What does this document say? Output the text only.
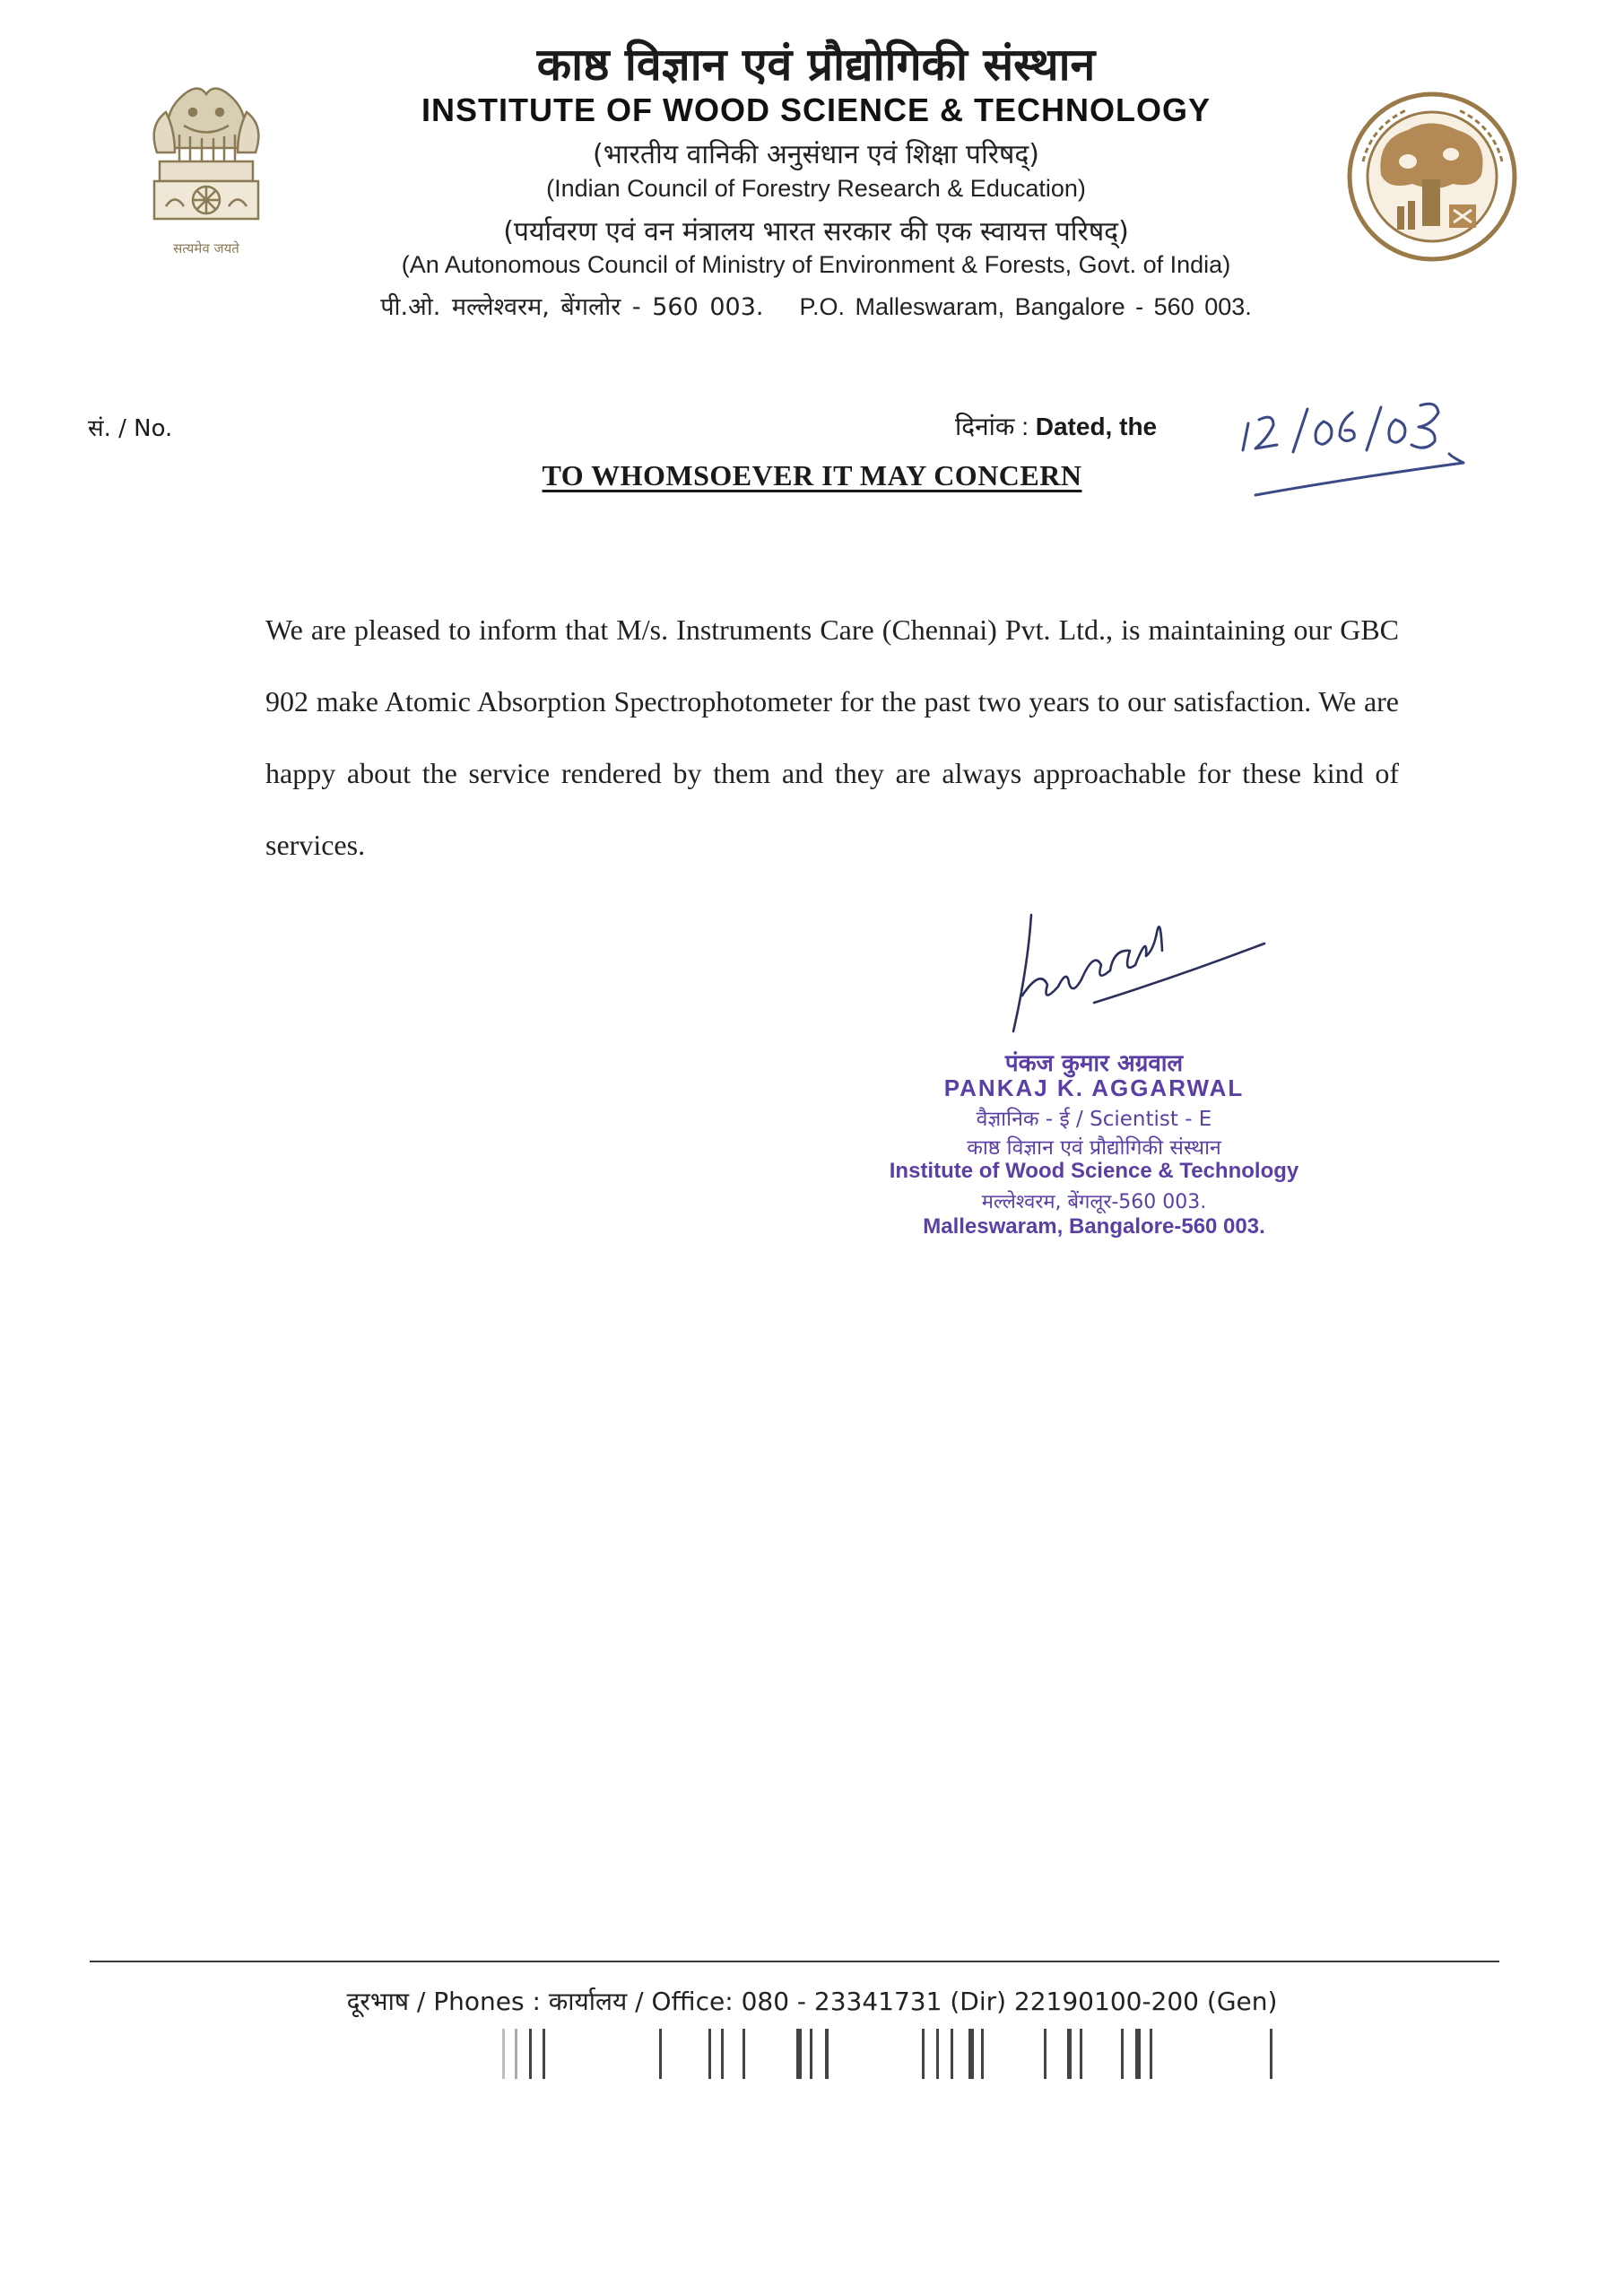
सत्यमेव जयते
काष्ठ विज्ञान एवं प्रौद्योगिकी संस्थान
INSTITUTE OF WOOD SCIENCE & TECHNOLOGY
(भारतीय वानिकी अनुसंधान एवं शिक्षा परिषद्)
(Indian Council of Forestry Research & Education)
(पर्यावरण एवं वन मंत्रालय भारत सरकार की एक स्वायत्त परिषद्)
(An Autonomous Council of Ministry of Environment & Forests, Govt. of India)
पी.ओ. मल्लेश्वरम, बेंगलोर - 560 003. P.O. Malleswaram, Bangalore - 560 003.
सं. / No.	दिनांक : Dated, the
TO WHOMSOEVER IT MAY CONCERN

We are pleased to inform that M/s. Instruments Care (Chennai) Pvt. Ltd., is maintaining our GBC 902 make Atomic Absorption Spectrophotometer for the past two years to our satisfaction. We are happy about the service rendered by them and they are always approachable for these kind of services.

पंकज कुमार अग्रवाल
PANKAJ K. AGGARWAL
वैज्ञानिक - ई / Scientist - E
काष्ठ विज्ञान एवं प्रौद्योगिकी संस्थान
Institute of Wood Science & Technology
मल्लेश्वरम, बेंगलूर-560 003.
Malleswaram, Bangalore-560 003.
दूरभाष / Phones : कार्यालय / Office: 080 - 23341731 (Dir) 22190100-200 (Gen)
